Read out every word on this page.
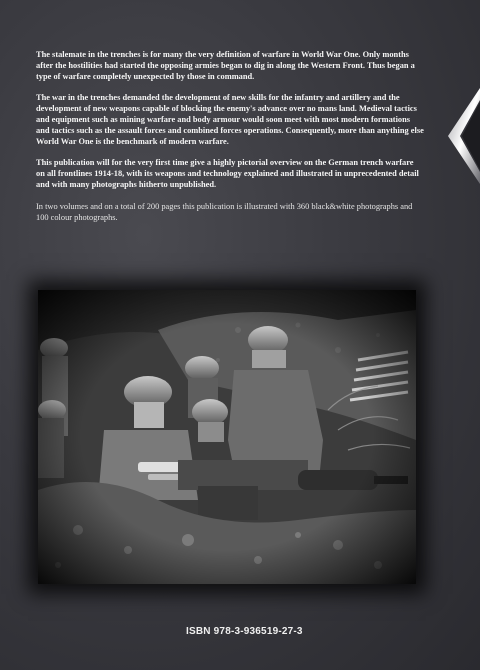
The stalemate in the trenches is for many the very definition of warfare in World War One. Only months after the hostilities had started the opposing armies began to dig in along the Western Front. Thus began a type of warfare completely unexpected by those in command.

The war in the trenches demanded the development of new skills for the infantry and artillery and the development of new weapons capable of blocking the enemy's advance over no mans land. Medieval tactics and equipment such as mining warfare and body armour would soon meet with most modern formations and tactics such as the assault forces and combined forces operations. Consequently, more than anything else World War One is the benchmark of modern warfare.

This publication will for the very first time give a highly pictorial overview on the German trench warfare on all frontlines 1914-18, with its weapons and technology explained and illustrated in unprecedented detail and with many photographs hitherto unpublished.

In two volumes and on a total of 200 pages this publication is illustrated with 360 black&white photographs and 100 colour photographs.

ISBN 978-3-936519-27-3
